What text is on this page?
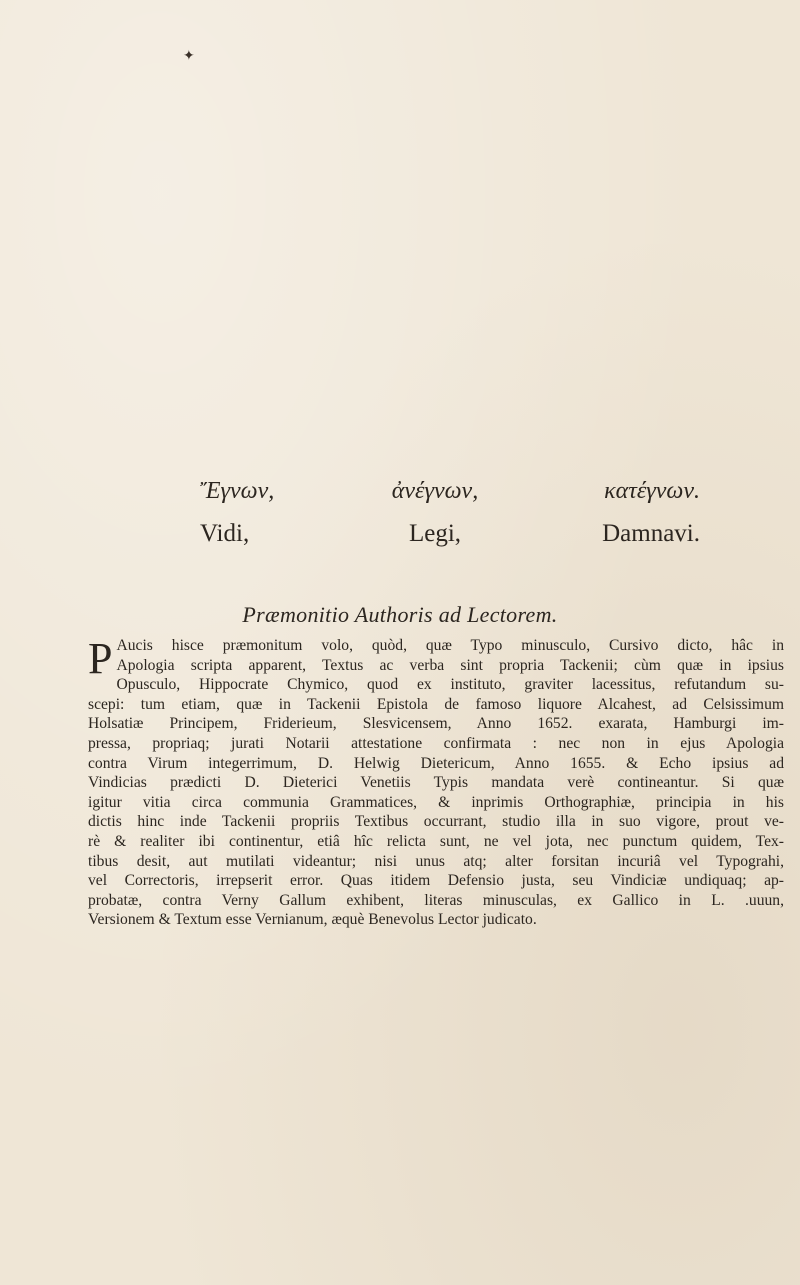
✦
Ἔγνων,	ἀνέγνων,	κατέγνων.
Vidi,	Legi,	Damnavi.
Præmonitio Authoris ad Lectorem.
P Aucis hisce præmonitum volo, quòd, quæ Typo minusculo, Cursivo dicto, hâc in
Apologia scripta apparent, Textus ac verba sint propria Tackenii; cùm quæ in ipsius
Opusculo, Hippocrate Chymico, quod ex instituto, graviter lacessitus, refutandum su-
scepi: tum etiam, quæ in Tackenii Epistola de famoso liquore Alcahest, ad Celsissimum
Holsatiæ Principem, Friderieum, Slesvicensem, Anno 1652. exarata, Hamburgi im-
pressa, propriaq; jurati Notarii attestatione confirmata : nec non in ejus Apologia
contra Virum integerrimum, D. Helwig Dietericum, Anno 1655. & Echo ipsius ad
Vindicias prædicti D. Dieterici Venetiis Typis mandata verè contineantur. Si quæ
igitur vitia circa communia Grammatices, & inprimis Orthographiæ, principia in his
dictis hinc inde Tackenii propriis Textibus occurrant, studio illa in suo vigore, prout ve-
rè & realiter ibi continentur, etiâ hîc relicta sunt, ne vel jota, nec punctum quidem, Tex-
tibus desit, aut mutilati videantur; nisi unus atq; alter forsitan incuriâ vel Typograhi,
vel Correctoris, irrepserit error. Quas itidem Defensio justa, seu Vindiciæ undiquaq; ap-
probatæ, contra Verny Gallum exhibent, literas minusculas, ex Gallico in L. .uuun,
Versionem & Textum esse Vernianum, æquè Benevolus Lector judicato.
